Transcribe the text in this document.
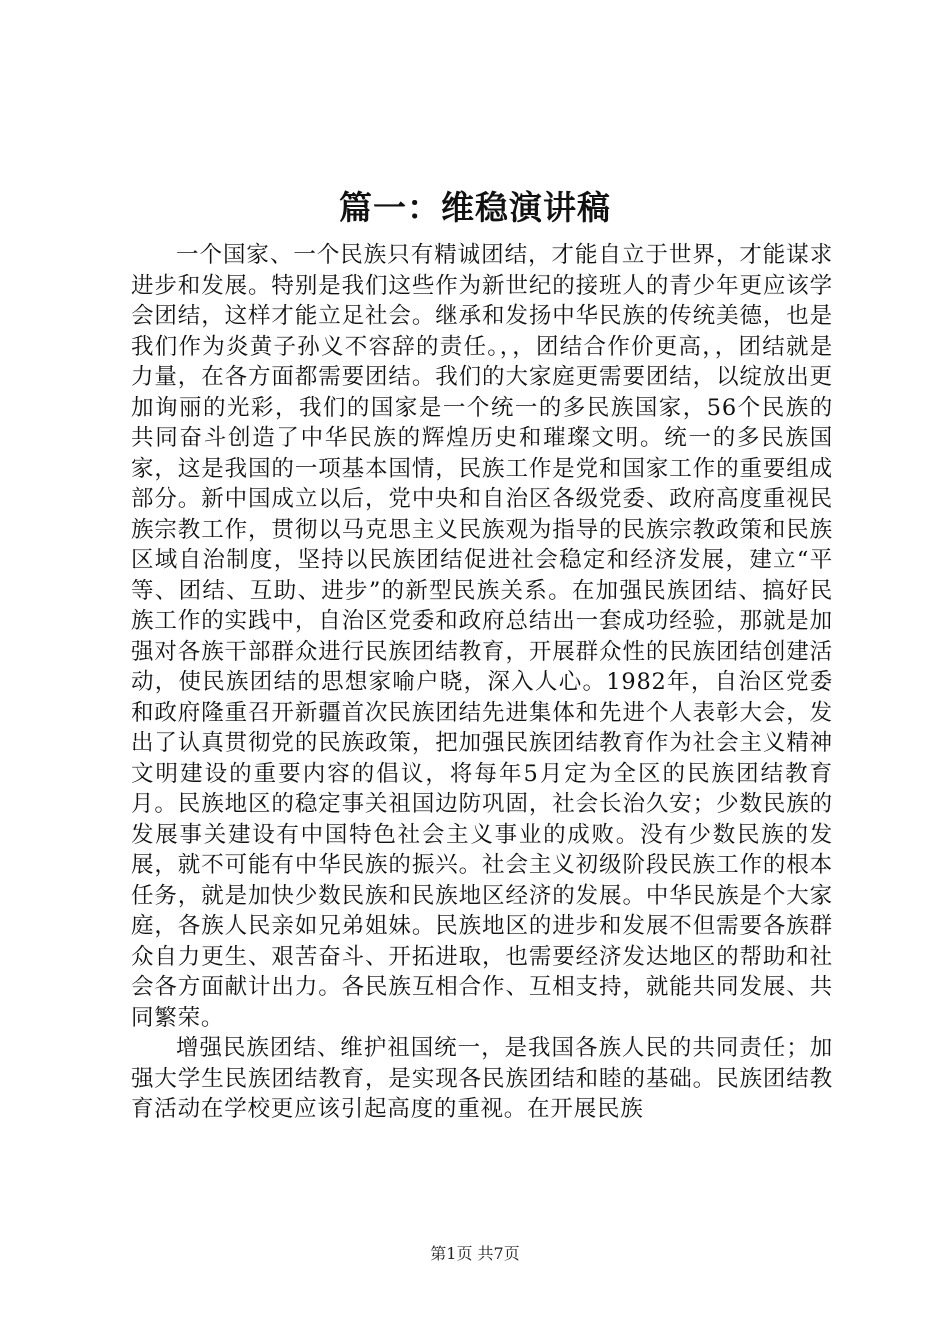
篇一：维稳演讲稿

一个国家、一个民族只有精诚团结，才能自立于世界，才能谋求进步和发展。特别是我们这些作为新世纪的接班人的青少年更应该学会团结，这样才能立足社会。继承和发扬中华民族的传统美德，也是我们作为炎黄子孙义不容辞的责任。，，团结合作价更高，，团结就是力量，在各方面都需要团结。我们的大家庭更需要团结，以绽放出更加询丽的光彩，我们的国家是一个统一的多民族国家，56个民族的共同奋斗创造了中华民族的辉煌历史和璀璨文明。统一的多民族国家，这是我国的一项基本国情，民族工作是党和国家工作的重要组成部分。新中国成立以后，党中央和自治区各级党委、政府高度重视民族宗教工作，贯彻以马克思主义民族观为指导的民族宗教政策和民族区域自治制度，坚持以民族团结促进社会稳定和经济发展，建立“平等、团结、互助、进步”的新型民族关系。在加强民族团结、搞好民族工作的实践中，自治区党委和政府总结出一套成功经验，那就是加强对各族干部群众进行民族团结教育，开展群众性的民族团结创建活动，使民族团结的思想家喻户晓，深入人心。1982年，自治区党委和政府隆重召开新疆首次民族团结先进集体和先进个人表彰大会，发出了认真贯彻党的民族政策，把加强民族团结教育作为社会主义精神文明建设的重要内容的倡议，将每年5月定为全区的民族团结教育月。民族地区的稳定事关祖国边防巩固，社会长治久安；少数民族的发展事关建设有中国特色社会主义事业的成败。没有少数民族的发展，就不可能有中华民族的振兴。社会主义初级阶段民族工作的根本任务，就是加快少数民族和民族地区经济的发展。中华民族是个大家庭，各族人民亲如兄弟姐妹。民族地区的进步和发展不但需要各族群众自力更生、艰苦奋斗、开拓进取，也需要经济发达地区的帮助和社会各方面献计出力。各民族互相合作、互相支持，就能共同发展、共同繁荣。

增强民族团结、维护祖国统一，是我国各族人民的共同责任；加强大学生民族团结教育，是实现各民族团结和睦的基础。民族团结教育活动在学校更应该引起高度的重视。在开展民族

第1页 共7页
